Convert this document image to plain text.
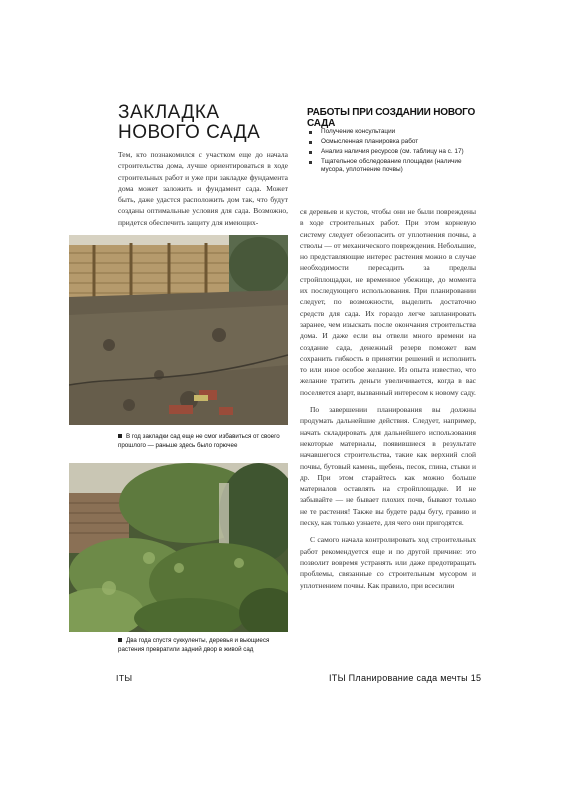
ЗАКЛАДКА
НОВОГО САДА

Тем, кто познакомился с участком еще до начала строительства дома, лучше ориентироваться в ходе строительных работ и уже при закладке фундамента дома может заложить и фундамент сада. Может быть, даже удастся расположить дом так, что будут созданы оптимальные условия для сада. Возможно, придется обеспечить защиту для имеющих-

В год закладки сад еще не смог избавиться от своего прошлого — раньше здесь было горючее
Два года спустя суккуленты, деревья и вьющиеся растения превратили задний двор в живой сад
РАБОТЫ ПРИ СОЗДАНИИ НОВОГО САДА
Получение консультации
Осмысленная планировка работ
Анализ наличия ресурсов (см. таблицу на с. 17)
Тщательное обследование площадки (наличие мусора, уплотнение почвы)

ся деревьев и кустов, чтобы они не были повреждены в ходе строительных работ. При этом корневую систему следует обезопасить от уплотнения почвы, а стволы — от механического повреждения. Небольшие, но представляющие интерес растения можно в случае необходимости пересадить за пределы стройплощадки, не временное убежище, до момента их последующего использования. При планировании следует, по возможности, выделить достаточно средств для сада. Их гораздо легче запланировать заранее, чем изыскать после окончания строительства дома. И даже если вы отвели много времени на создание сада, денежный резерв поможет вам сохранить гибкость в принятии решений и исполнить то или иное особое желание. Из опыта известно, что желание тратить деньги увеличивается, когда в вас поселяется азарт, вызванный интересом к новому саду.

По завершении планирования вы должны продумать дальнейшие действия. Следует, например, начать складировать для дальнейшего использования некоторые материалы, появившиеся в результате начавшегося строительства, такие как верхний слой почвы, бутовый камень, щебень, песок, глина, стыки и др. При этом старайтесь как можно больше материалов оставлять на стройплощадке. И не забывайте — не бывает плохих почв, бывают только не те растения! Также вы будете рады бугу, гравию и песку, как только узнаете, для чего они пригодятся.

С самого начала контролировать ход строительных работ рекомендуется еще и по другой причине: это позволит вовремя устранять или даже предотвращать проблемы, связанные со строительным мусором и уплотнением почвы. Как правило, при всесилии

ITЫ	ITЫ Планирование сада мечты 15
